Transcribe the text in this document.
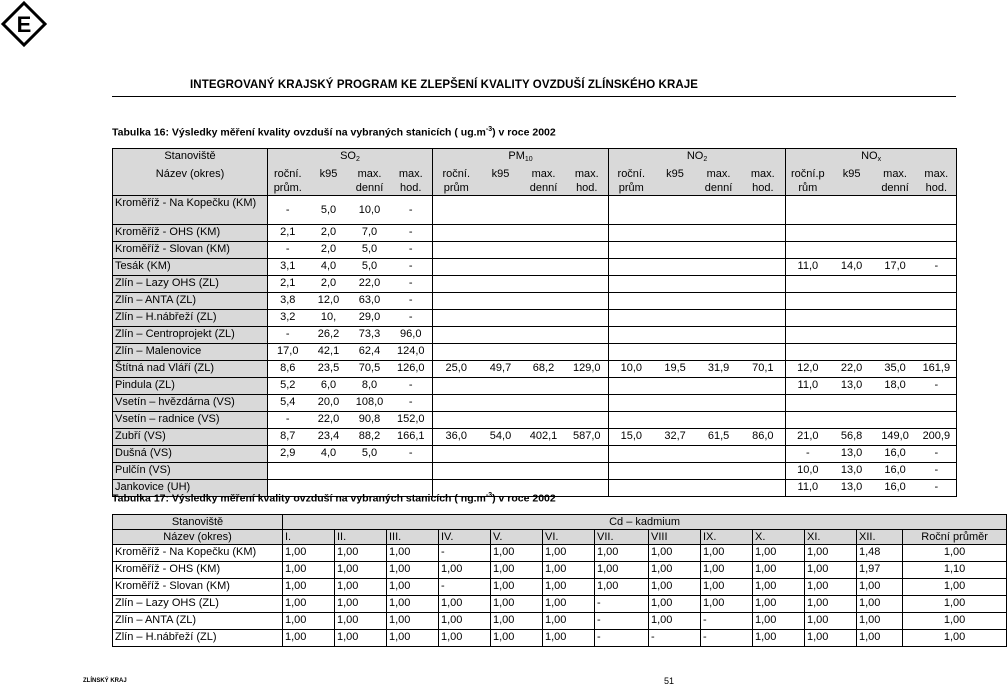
E
INTEGROVANÝ KRAJSKÝ PROGRAM KE ZLEPŠENÍ KVALITY OVZDUŠÍ ZLÍNSKÉHO KRAJE
Tabulka 16: Výsledky měření kvality ovzduší na vybraných stanicích ( $ug.m^{-3}$) v roce 2002
Stanoviště	$SO_2$				$PM_{10}$				$NO_2$				$NO_x$
Název (okres)	roční. prům.	k95	max. denní	max. hod.	roční. prům	k95	max. denní	max. hod.	roční. prům	k95	max. denní	max. hod.	roční.p rům	k95	max. denní	max. hod.
Kroměříž - Na Kopečku (KM)	-	5,0	10,0	-												
Kroměříž - OHS (KM)	2,1	2,0	7,0	-												
Kroměříž - Slovan (KM)	-	2,0	5,0	-												
Tesák (KM)	3,1	4,0	5,0	-									11,0	14,0	17,0	-
Zlín – Lazy OHS (ZL)	2,1	2,0	22,0	-												
Zlín – ANTA (ZL)	3,8	12,0	63,0	-												
Zlín – H.nábřeží (ZL)	3,2	10,	29,0	-												
Zlín – Centroprojekt (ZL)	-	26,2	73,3	96,0												
Zlín – Malenovice	17,0	42,1	62,4	124,0												
Štítná nad Vláří (ZL)	8,6	23,5	70,5	126,0	25,0	49,7	68,2	129,0	10,0	19,5	31,9	70,1	12,0	22,0	35,0	161,9
Pindula (ZL)	5,2	6,0	8,0	-									11,0	13,0	18,0	-
Vsetín – hvězdárna (VS)	5,4	20,0	108,0	-												
Vsetín – radnice (VS)	-	22,0	90,8	152,0												
Zubří (VS)	8,7	23,4	88,2	166,1	36,0	54,0	402,1	587,0	15,0	32,7	61,5	86,0	21,0	56,8	149,0	200,9
Dušná (VS)	2,9	4,0	5,0	-									-	13,0	16,0	-
Pulčín (VS)													10,0	13,0	16,0	-
Jankovice (UH)													11,0	13,0	16,0	-
Tabulka 17: Výsledky měření kvality ovzduší na vybraných stanicích ( $ng.m^{-3}$) v roce 2002
Stanoviště	Cd – kadmium												
Název (okres)	I.	II.	III.	IV.	V.	VI.	VII.	VIII	IX.	X.	XI.	XII.	Roční průměr
Kroměříž - Na Kopečku (KM)	1,00	1,00	1,00	-	1,00	1,00	1,00	1,00	1,00	1,00	1,00	1,48	1,00
Kroměříž - OHS (KM)	1,00	1,00	1,00	1,00	1,00	1,00	1,00	1,00	1,00	1,00	1,00	1,97	1,10
Kroměříž - Slovan (KM)	1,00	1,00	1,00	-	1,00	1,00	1,00	1,00	1,00	1,00	1,00	1,00	1,00
Zlín – Lazy OHS (ZL)	1,00	1,00	1,00	1,00	1,00	1,00	-	1,00	1,00	1,00	1,00	1,00	1,00
Zlín – ANTA (ZL)	1,00	1,00	1,00	1,00	1,00	1,00	-	1,00	-	1,00	1,00	1,00	1,00
Zlín – H.nábřeží (ZL)	1,00	1,00	1,00	1,00	1,00	1,00	-	-	-	1,00	1,00	1,00	1,00
ZLÍNSKÝ KRAJ	51
